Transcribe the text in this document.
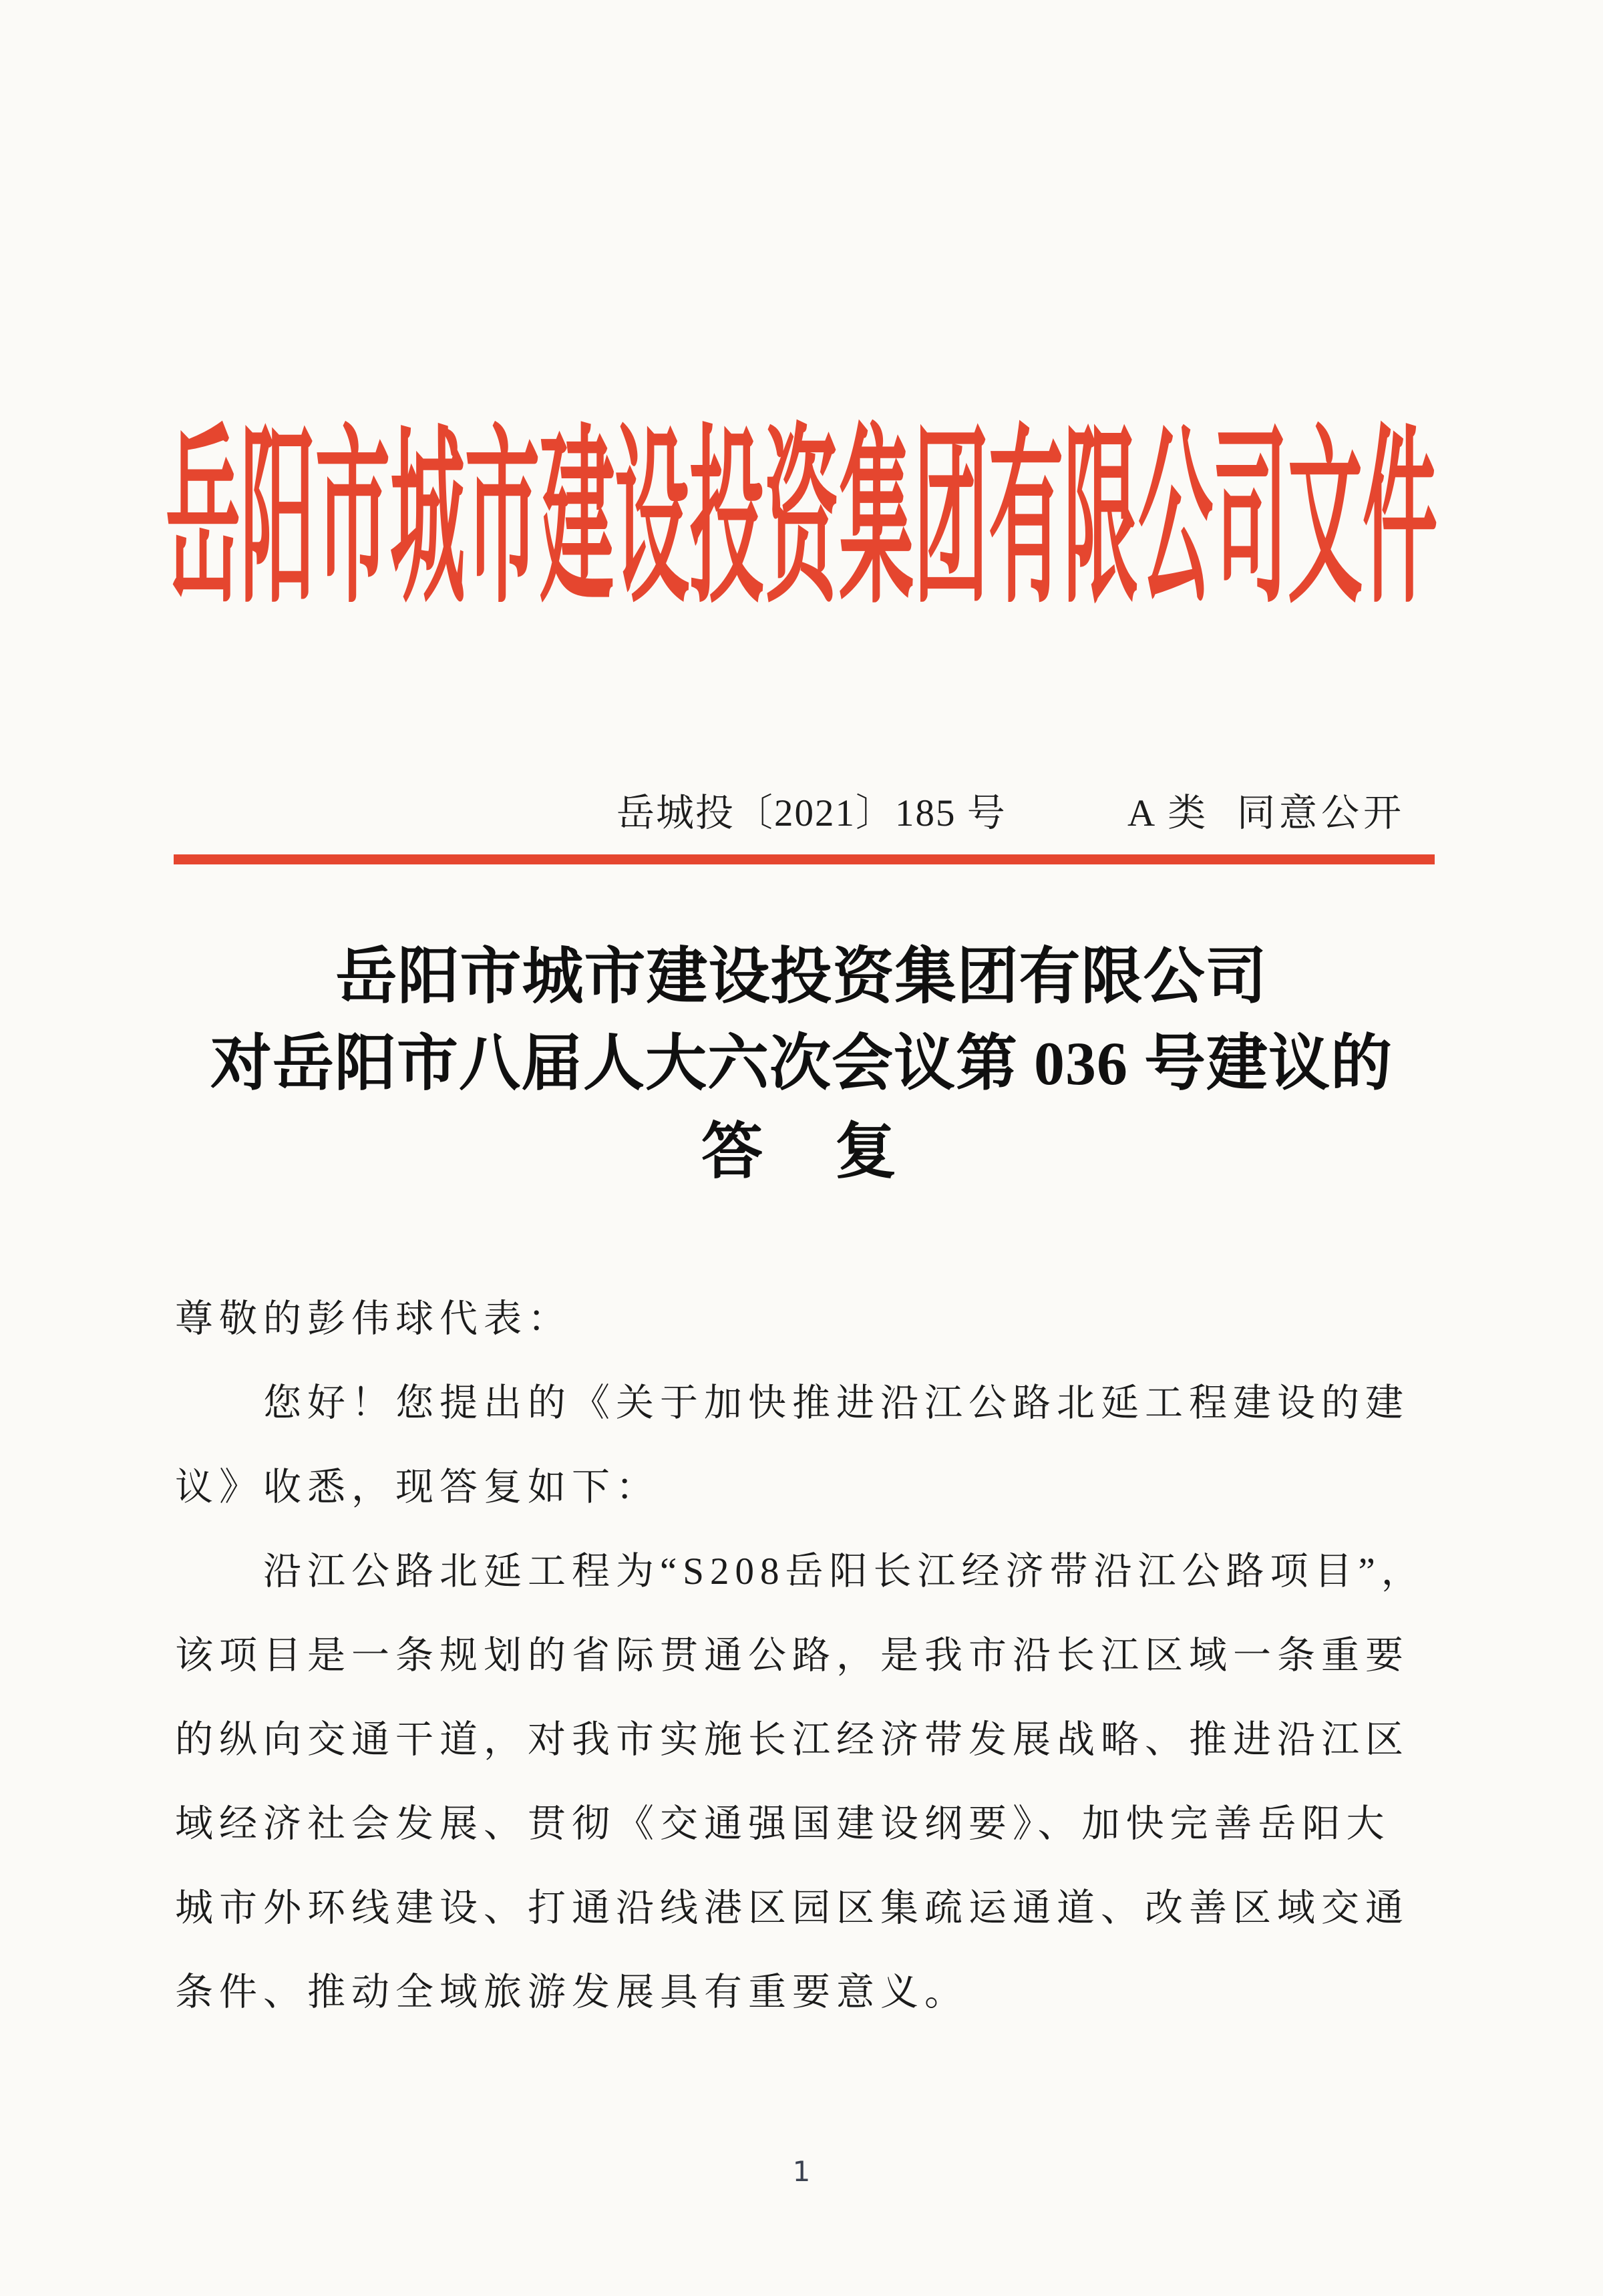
岳阳市城市建设投资集团有限公司文件
岳城投〔2021〕185 号	A 类 同意公开
岳阳市城市建设投资集团有限公司
对岳阳市八届人大六次会议第 036 号建议的
答　复
尊敬的彭伟球代表：
您好！您提出的《关于加快推进沿江公路北延工程建设的建
议》收悉，现答复如下：
沿江公路北延工程为“S208岳阳长江经济带沿江公路项目”，
该项目是一条规划的省际贯通公路，是我市沿长江区域一条重要
的纵向交通干道，对我市实施长江经济带发展战略、推进沿江区
域经济社会发展、贯彻《交通强国建设纲要》、加快完善岳阳大
城市外环线建设、打通沿线港区园区集疏运通道、改善区域交通
条件、推动全域旅游发展具有重要意义。
1
